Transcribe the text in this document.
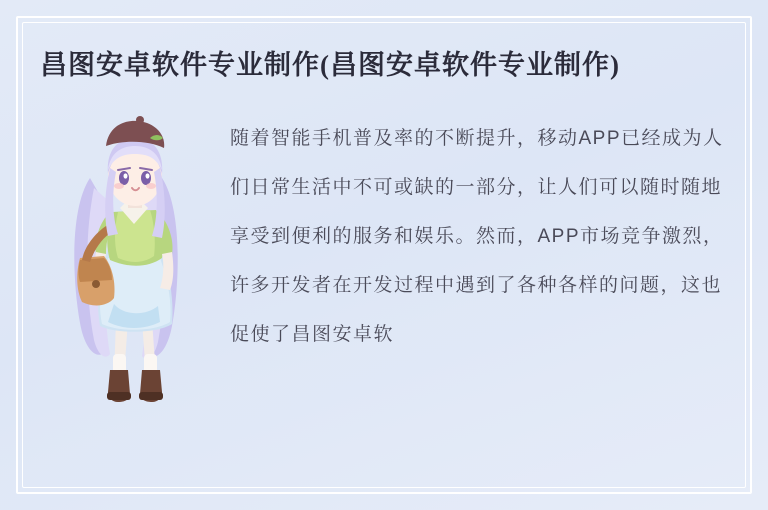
昌图安卓软件专业制作(昌图安卓软件专业制作)

随着智能手机普及率的不断提升，移动APP已经成为人们日常生活中不可或缺的一部分，让人们可以随时随地享受到便利的服务和娱乐。然而，APP市场竞争激烈，许多开发者在开发过程中遇到了各种各样的问题，这也促使了昌图安卓软
